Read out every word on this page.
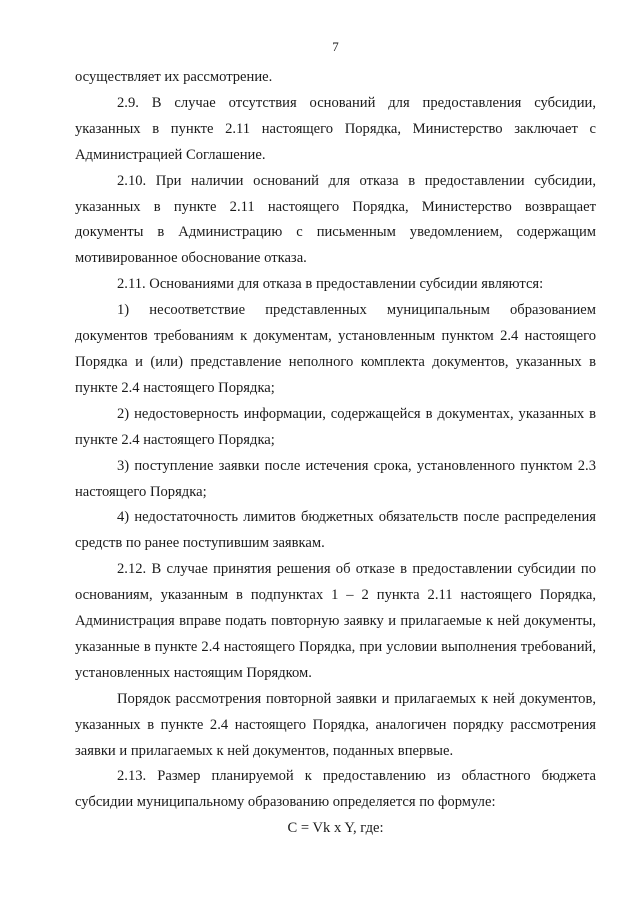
7

осуществляет их рассмотрение.

2.9. В случае отсутствия оснований для предоставления субсидии, указанных в пункте 2.11 настоящего Порядка, Министерство заключает с Администрацией Соглашение.

2.10. При наличии оснований для отказа в предоставлении субсидии, указанных в пункте 2.11 настоящего Порядка, Министерство возвращает документы в Администрацию с письменным уведомлением, содержащим мотивированное обоснование отказа.

2.11. Основаниями для отказа в предоставлении субсидии являются:

1) несоответствие представленных муниципальным образованием документов требованиям к документам, установленным пунктом 2.4 настоящего Порядка и (или) представление неполного комплекта документов, указанных в пункте 2.4 настоящего Порядка;

2) недостоверность информации, содержащейся в документах, указанных в пункте 2.4 настоящего Порядка;

3) поступление заявки после истечения срока, установленного пунктом 2.3 настоящего Порядка;

4) недостаточность лимитов бюджетных обязательств после распределения средств по ранее поступившим заявкам.

2.12. В случае принятия решения об отказе в предоставлении субсидии по основаниям, указанным в подпунктах 1 – 2 пункта 2.11 настоящего Порядка, Администрация вправе подать повторную заявку и прилагаемые к ней документы, указанные в пункте 2.4 настоящего Порядка, при условии выполнения требований, установленных настоящим Порядком.

Порядок рассмотрения повторной заявки и прилагаемых к ней документов, указанных в пункте 2.4 настоящего Порядка, аналогичен порядку рассмотрения заявки и прилагаемых к ней документов, поданных впервые.

2.13. Размер планируемой к предоставлению из областного бюджета субсидии муниципальному образованию определяется по формуле:

C = Vk x Y, где:
